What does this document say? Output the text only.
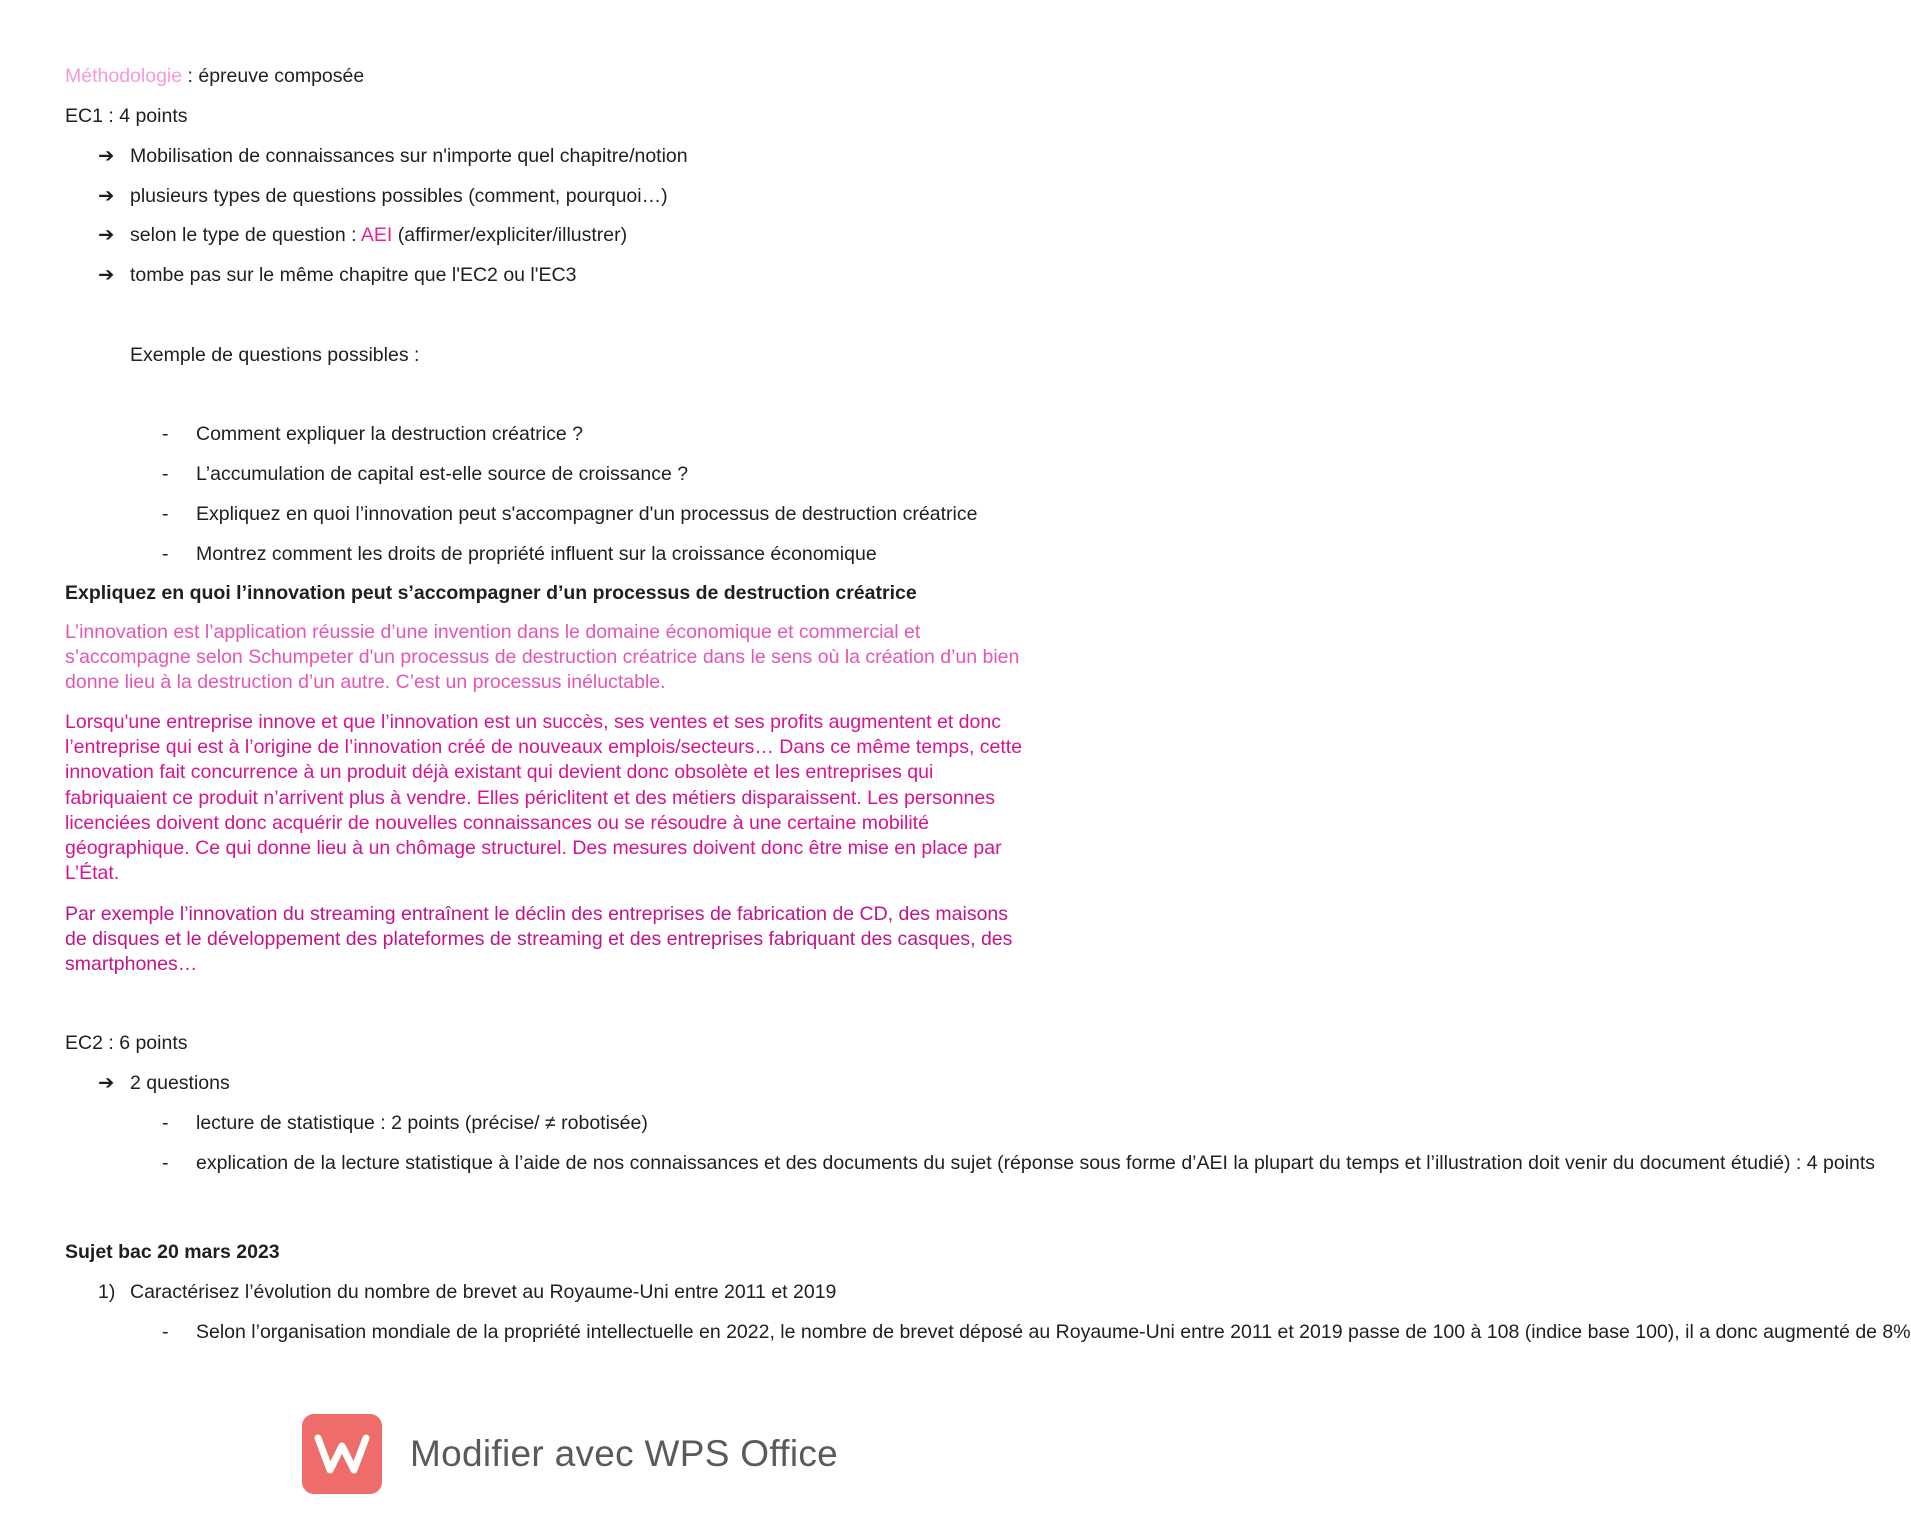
Méthodologie : épreuve composée
EC1 : 4 points
➔ Mobilisation de connaissances sur n'importe quel chapitre/notion
➔ plusieurs types de questions possibles (comment, pourquoi…)
➔ selon le type de question : AEI (affirmer/expliciter/illustrer)
➔ tombe pas sur le même chapitre que l'EC2 ou l'EC3
Exemple de questions possibles :
- Comment expliquer la destruction créatrice ?
- L’accumulation de capital est-elle source de croissance ?
- Expliquez en quoi l’innovation peut s'accompagner d'un processus de destruction créatrice
- Montrez comment les droits de propriété influent sur la croissance économique
Expliquez en quoi l’innovation peut s’accompagner d’un processus de destruction créatrice
L’innovation est l’application réussie d’une invention dans le domaine économique et commercial et s’accompagne selon Schumpeter d'un processus de destruction créatrice dans le sens où la création d’un bien donne lieu à la destruction d’un autre. C’est un processus inéluctable.
Lorsqu'une entreprise innove et que l’innovation est un succès, ses ventes et ses profits augmentent et donc l’entreprise qui est à l’origine de l’innovation créé de nouveaux emplois/secteurs… Dans ce même temps, cette innovation fait concurrence à un produit déjà existant qui devient donc obsolète et les entreprises qui fabriquaient ce produit n’arrivent plus à vendre. Elles périclitent et des métiers disparaissent. Les personnes licenciées doivent donc acquérir de nouvelles connaissances ou se résoudre à une certaine mobilité géographique. Ce qui donne lieu à un chômage structurel. Des mesures doivent donc être mise en place par L’État.
Par exemple l’innovation du streaming entraînent le déclin des entreprises de fabrication de CD, des maisons de disques et le développement des plateformes de streaming et des entreprises fabriquant des casques, des smartphones…
EC2 : 6 points
➔ 2 questions
- lecture de statistique : 2 points (précise/ ≠ robotisée)
- explication de la lecture statistique à l’aide de nos connaissances et des documents du sujet (réponse sous forme d’AEI la plupart du temps et l’illustration doit venir du document étudié) : 4 points
Sujet bac 20 mars 2023
1) Caractérisez l’évolution du nombre de brevet au Royaume-Uni entre 2011 et 2019
- Selon l’organisation mondiale de la propriété intellectuelle en 2022, le nombre de brevet déposé au Royaume-Uni entre 2011 et 2019 passe de 100 à 108 (indice base 100), il a donc augmenté de 8%
Modifier avec WPS Office
